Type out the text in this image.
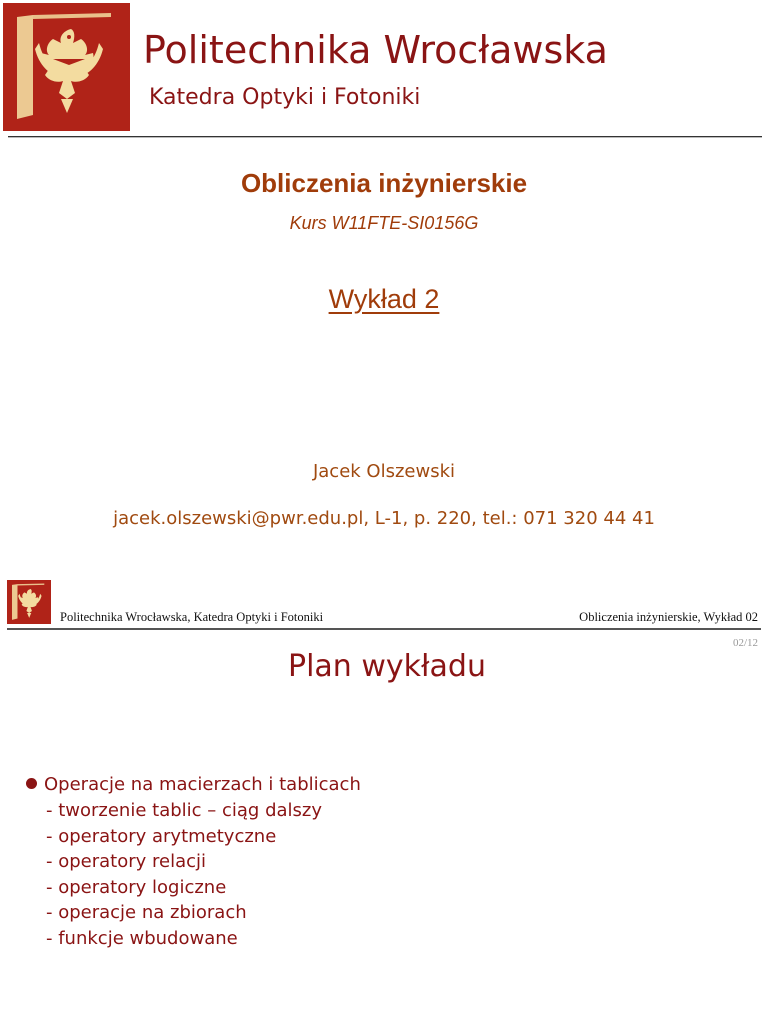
Politechnika Wrocławska
Katedra Optyki i Fotoniki
Obliczenia inżynierskie
Kurs W11FTE-SI0156G
Wykład 2
Jacek Olszewski
jacek.olszewski@pwr.edu.pl, L-1, p. 220, tel.: 071 320 44 41
Politechnika Wrocławska, Katedra Optyki i Fotoniki	Obliczenia inżynierskie, Wykład 02
02/12
Plan wykładu
Operacje na macierzach i tablicach
- tworzenie tablic – ciąg dalszy
- operatory arytmetyczne
- operatory relacji
- operatory logiczne
- operacje na zbiorach
- funkcje wbudowane
